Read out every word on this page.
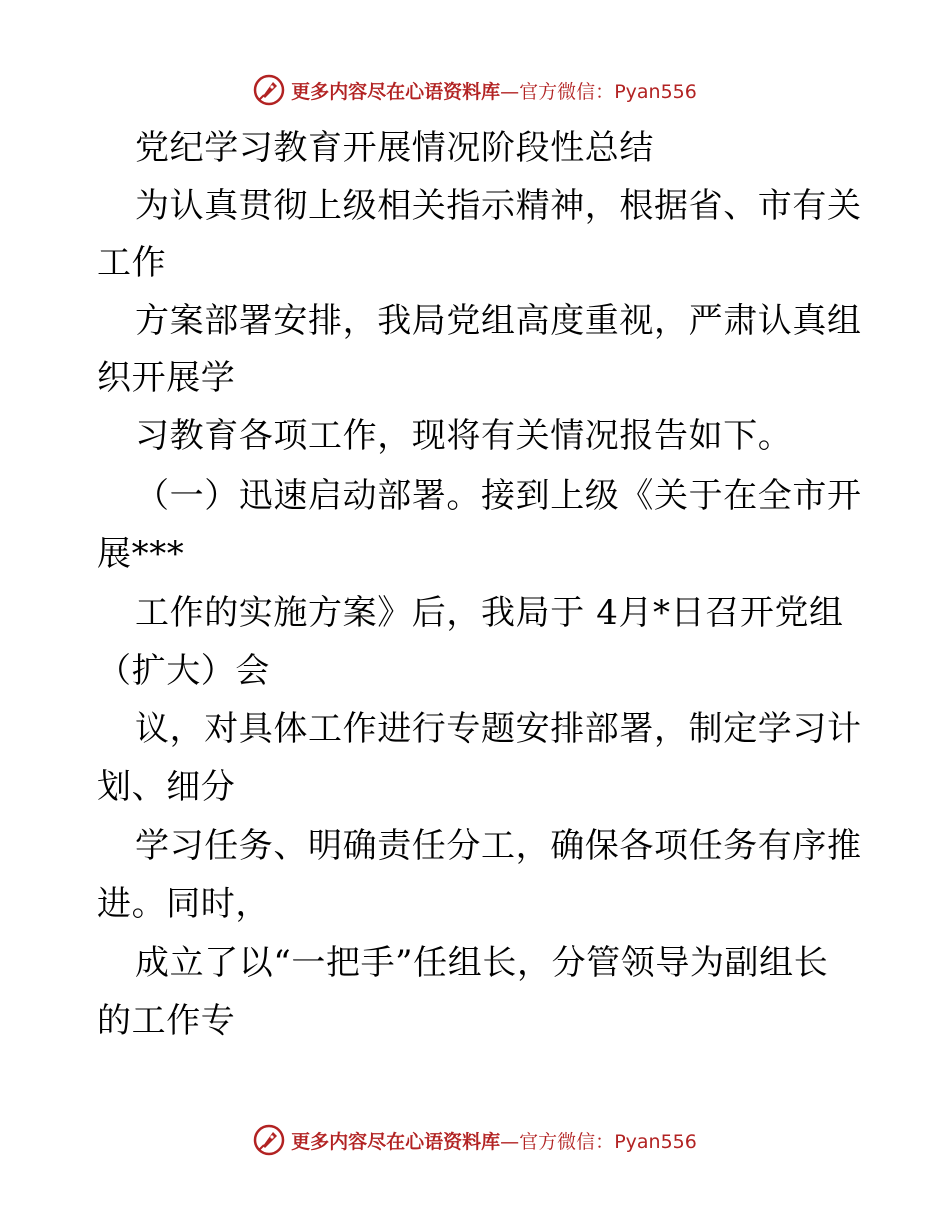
更多内容尽在心语资料库—官方微信：Pyan556
党纪学习教育开展情况阶段性总结
为认真贯彻上级相关指示精神，根据省、市有关
工作
方案部署安排，我局党组高度重视，严肃认真组
织开展学
习教育各项工作，现将有关情况报告如下。
（一）迅速启动部署。接到上级《关于在全市开
展***
工作的实施方案》后，我局于 4月*日召开党组
（扩大）会
议，对具体工作进行专题安排部署，制定学习计
划、细分
学习任务、明确责任分工，确保各项任务有序推
进。同时，
成立了以“一把手”任组长，分管领导为副组长
的工作专
更多内容尽在心语资料库—官方微信：Pyan556
